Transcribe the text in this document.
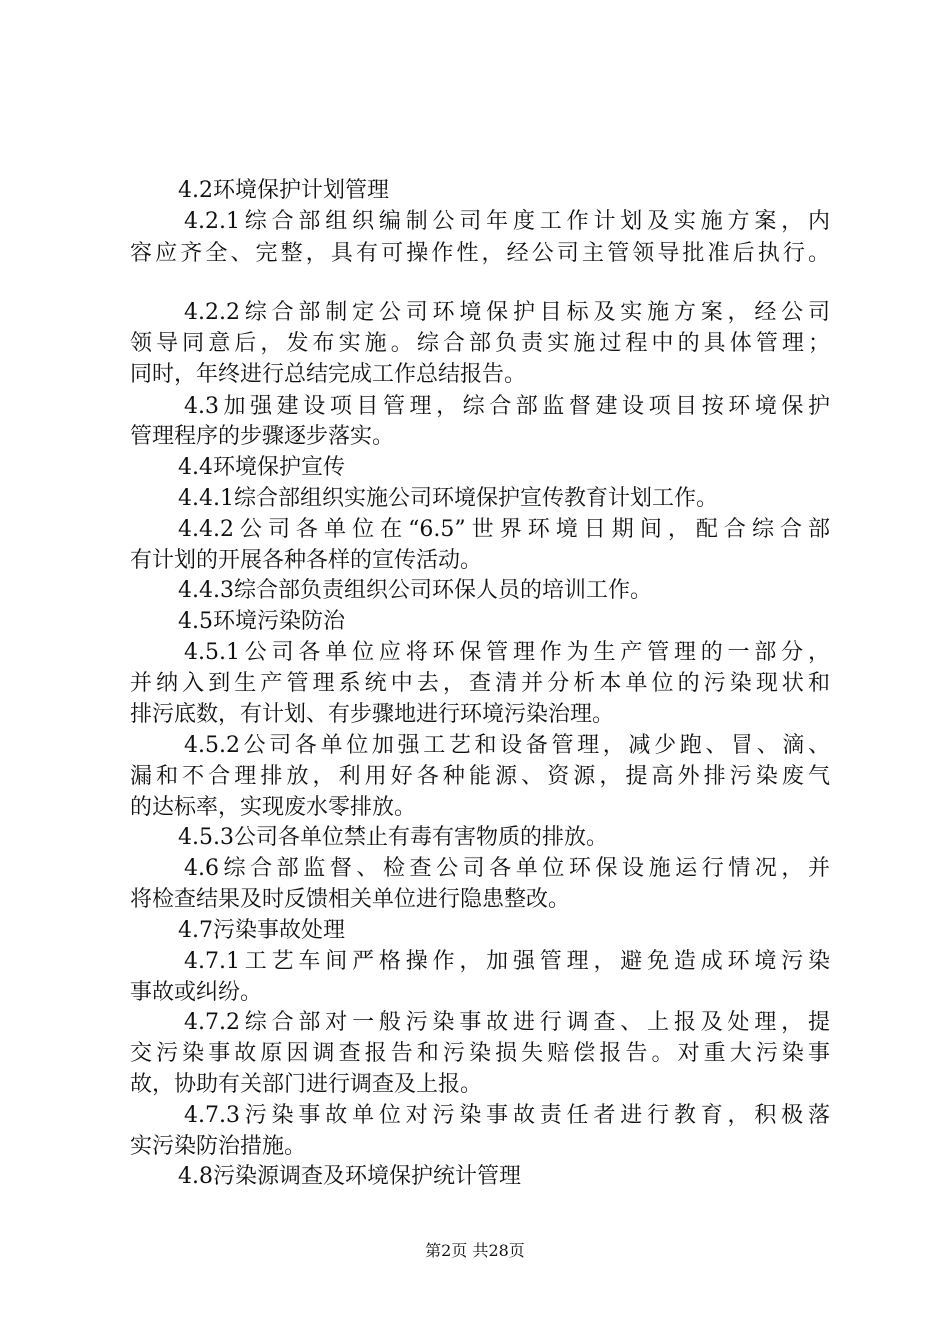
4.2环境保护计划管理
4.2.1综合部组织编制公司年度工作计划及实施方案，内
容应齐全、完整，具有可操作性，经公司主管领导批准后执行。
4.2.2综合部制定公司环境保护目标及实施方案，经公司
领导同意后，发布实施。综合部负责实施过程中的具体管理；
同时，年终进行总结完成工作总结报告。
4.3加强建设项目管理，综合部监督建设项目按环境保护
管理程序的步骤逐步落实。
4.4环境保护宣传
4.4.1综合部组织实施公司环境保护宣传教育计划工作。
4.4.2公司各单位在“6.5”世界环境日期间，配合综合部
有计划的开展各种各样的宣传活动。
4.4.3综合部负责组织公司环保人员的培训工作。
4.5环境污染防治
4.5.1公司各单位应将环保管理作为生产管理的一部分，
并纳入到生产管理系统中去，查清并分析本单位的污染现状和
排污底数，有计划、有步骤地进行环境污染治理。
4.5.2公司各单位加强工艺和设备管理，减少跑、冒、滴、
漏和不合理排放，利用好各种能源、资源，提高外排污染废气
的达标率，实现废水零排放。
4.5.3公司各单位禁止有毒有害物质的排放。
4.6综合部监督、检查公司各单位环保设施运行情况，并
将检查结果及时反馈相关单位进行隐患整改。
4.7污染事故处理
4.7.1工艺车间严格操作，加强管理，避免造成环境污染
事故或纠纷。
4.7.2综合部对一般污染事故进行调查、上报及处理，提
交污染事故原因调查报告和污染损失赔偿报告。对重大污染事
故，协助有关部门进行调查及上报。
4.7.3污染事故单位对污染事故责任者进行教育，积极落
实污染防治措施。
4.8污染源调查及环境保护统计管理
第2页 共28页
